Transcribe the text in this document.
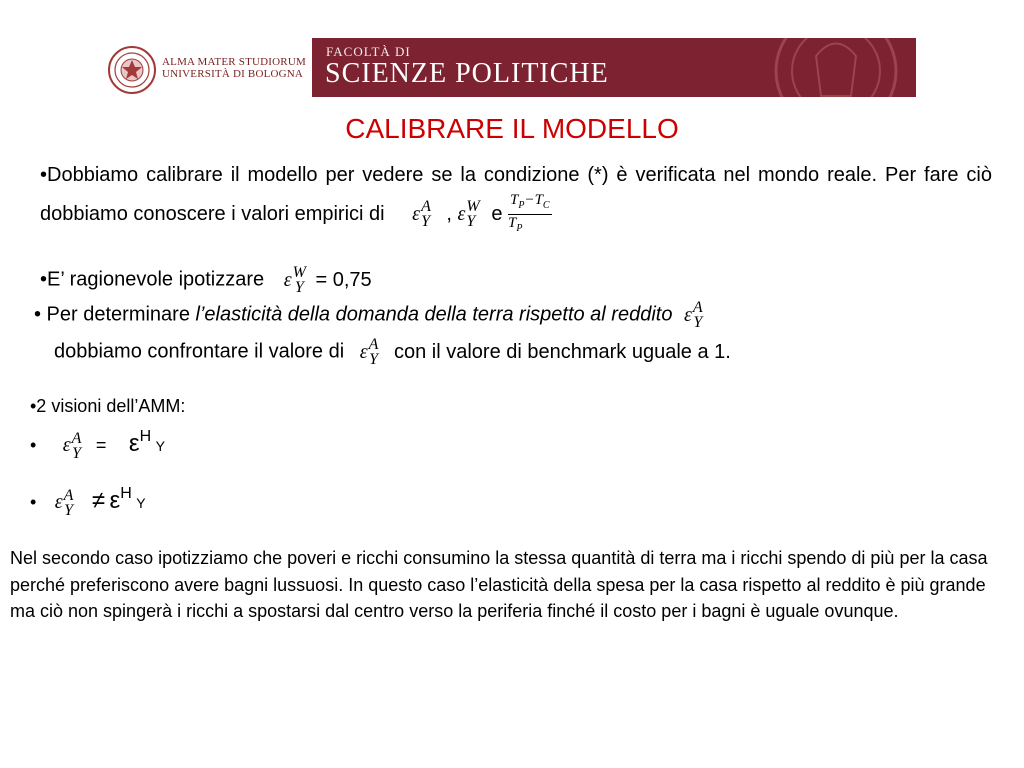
ALMA MATER STUDIORUM
UNIVERSITÀ DI BOLOGNA
FACOLTÀ DI
SCIENZE POLITICHE
CALIBRARE IL MODELLO
•Dobbiamo calibrare il modello per vedere se la condizione (*) è verificata nel mondo reale. Per fare ciò dobbiamo conoscere i valori empirici di ε A
Y , ε W
Y e $\frac{T_P-T_C}{T_P}$
•E’ ragionevole ipotizzare ε W
Y = 0,75
• Per determinare l’elasticità della domanda della terra rispetto al reddito ε A
Y
dobbiamo confrontare il valore di ε A
Y con il valore di benchmark uguale a 1.
•2 visioni dell’AMM:
• ε A
Y = εH Y
• ε A
Y ≠ εH Y
Nel secondo caso ipotizziamo che poveri e ricchi consumino la stessa quantità di terra ma i ricchi spendo di più per la casa perché preferiscono avere bagni lussuosi. In questo caso l’elasticità della spesa per la casa rispetto al reddito è più grande ma ciò non spingerà i ricchi a spostarsi dal centro verso la periferia finché il costo per i bagni è uguale ovunque.
